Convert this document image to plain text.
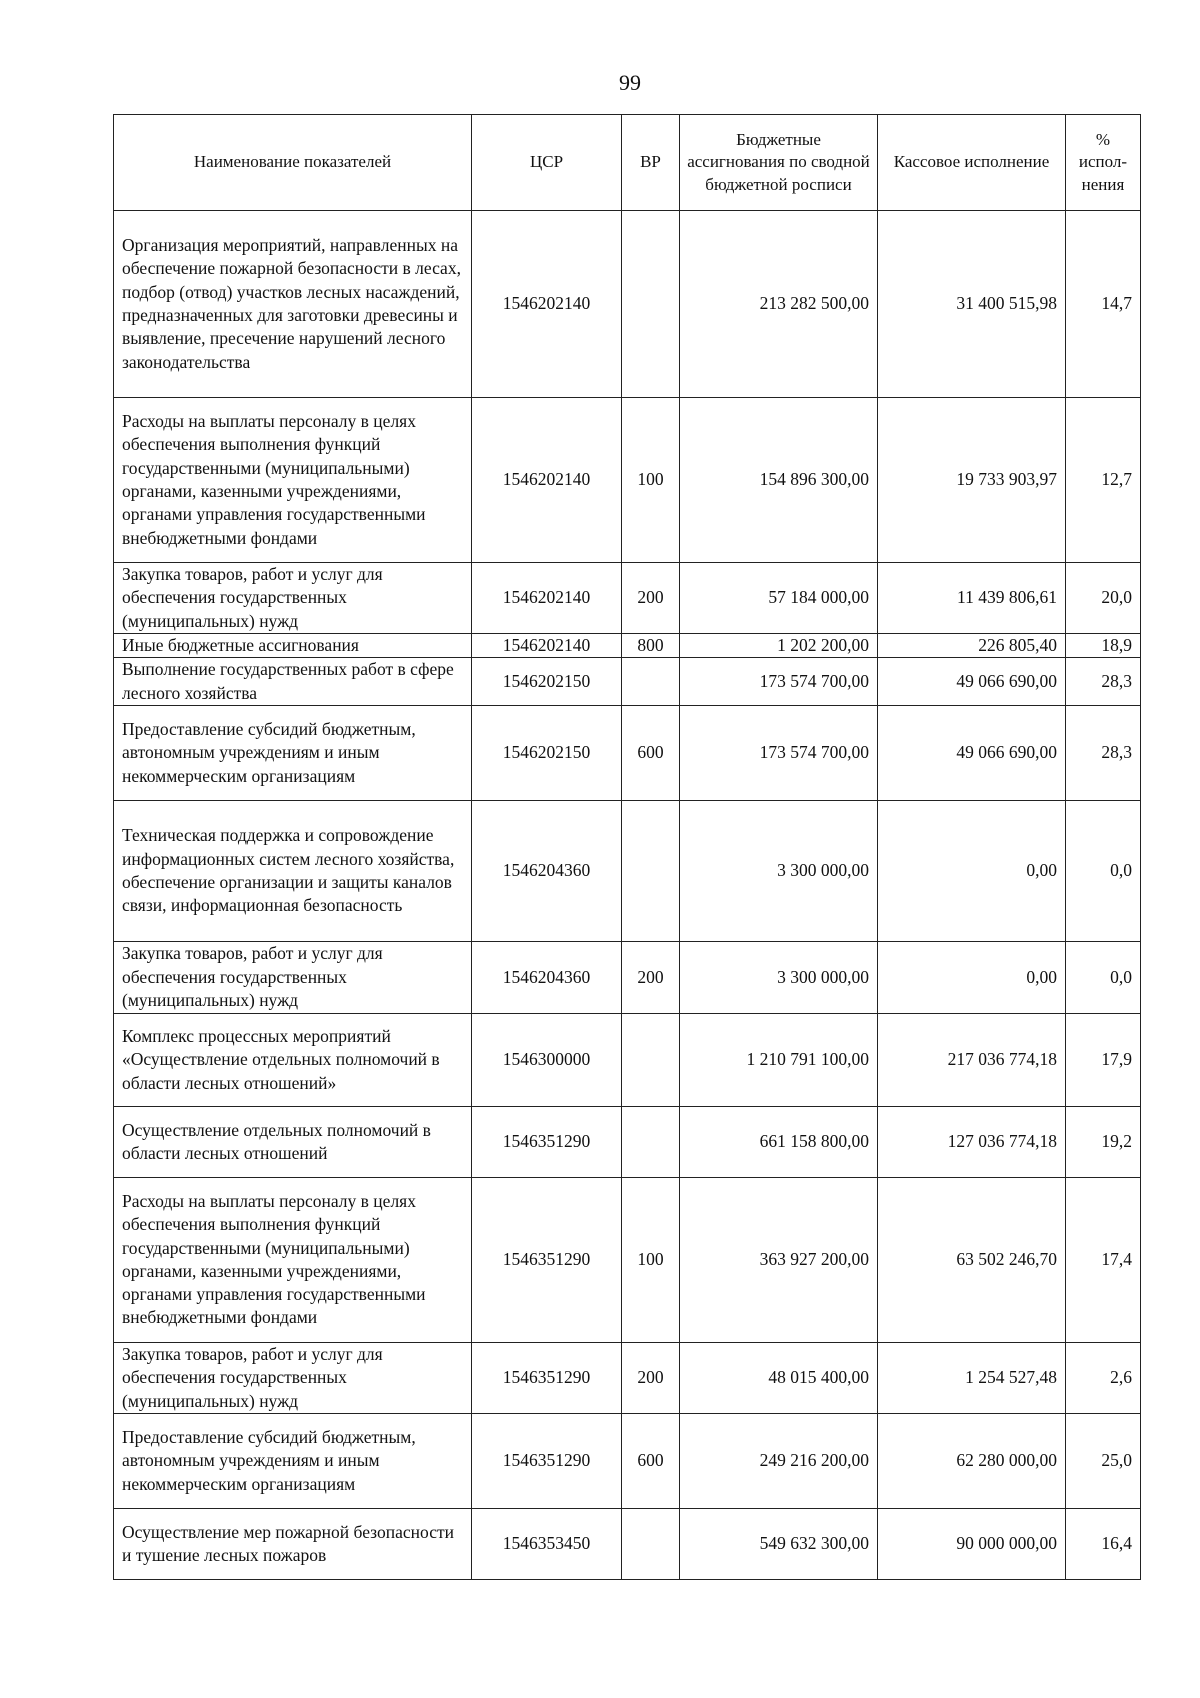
99
Наименование показателей	ЦСР	ВР	Бюджетные ассигнования по сводной бюджетной росписи	Кассовое исполнение	% испол-нения
Организация мероприятий, направленных на обеспечение пожарной безопасности в лесах, подбор (отвод) участков лесных насаждений, предназначенных для заготовки древесины и выявление, пресечение нарушений лесного законодательства	1546202140		213 282 500,00	31 400 515,98	14,7
Расходы на выплаты персоналу в целях обеспечения выполнения функций государственными (муниципальными) органами, казенными учреждениями, органами управления государственными внебюджетными фондами	1546202140	100	154 896 300,00	19 733 903,97	12,7
Закупка товаров, работ и услуг для обеспечения государственных (муниципальных) нужд	1546202140	200	57 184 000,00	11 439 806,61	20,0
Иные бюджетные ассигнования	1546202140	800	1 202 200,00	226 805,40	18,9
Выполнение государственных работ в сфере лесного хозяйства	1546202150		173 574 700,00	49 066 690,00	28,3
Предоставление субсидий бюджетным, автономным учреждениям и иным некоммерческим организациям	1546202150	600	173 574 700,00	49 066 690,00	28,3
Техническая поддержка и сопровождение информационных систем лесного хозяйства, обеспечение организации и защиты каналов связи, информационная безопасность	1546204360		3 300 000,00	0,00	0,0
Закупка товаров, работ и услуг для обеспечения государственных (муниципальных) нужд	1546204360	200	3 300 000,00	0,00	0,0
Комплекс процессных мероприятий «Осуществление отдельных полномочий в области лесных отношений»	1546300000		1 210 791 100,00	217 036 774,18	17,9
Осуществление отдельных полномочий в области лесных отношений	1546351290		661 158 800,00	127 036 774,18	19,2
Расходы на выплаты персоналу в целях обеспечения выполнения функций государственными (муниципальными) органами, казенными учреждениями, органами управления государственными внебюджетными фондами	1546351290	100	363 927 200,00	63 502 246,70	17,4
Закупка товаров, работ и услуг для обеспечения государственных (муниципальных) нужд	1546351290	200	48 015 400,00	1 254 527,48	2,6
Предоставление субсидий бюджетным, автономным учреждениям и иным некоммерческим организациям	1546351290	600	249 216 200,00	62 280 000,00	25,0
Осуществление мер пожарной безопасности и тушение лесных пожаров	1546353450		549 632 300,00	90 000 000,00	16,4
